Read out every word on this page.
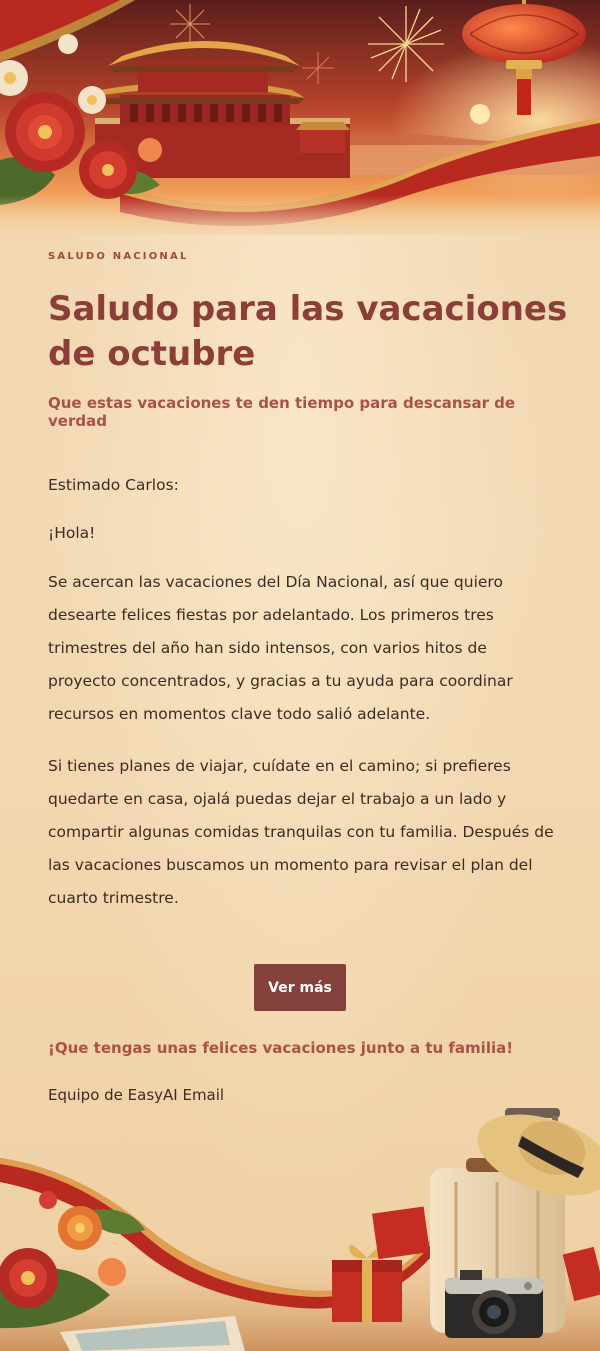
SALUDO NACIONAL
Saludo para las vacaciones de octubre

Que estas vacaciones te den tiempo para descansar de verdad

Estimado Carlos:

¡Hola!

Se acercan las vacaciones del Día Nacional, así que quiero desearte felices fiestas por adelantado. Los primeros tres trimestres del año han sido intensos, con varios hitos de proyecto concentrados, y gracias a tu ayuda para coordinar recursos en momentos clave todo salió adelante.

Si tienes planes de viajar, cuídate en el camino; si prefieres quedarte en casa, ojalá puedas dejar el trabajo a un lado y compartir algunas comidas tranquilas con tu familia. Después de las vacaciones buscamos un momento para revisar el plan del cuarto trimestre.

Ver más

¡Que tengas unas felices vacaciones junto a tu familia!

Equipo de EasyAI Email
